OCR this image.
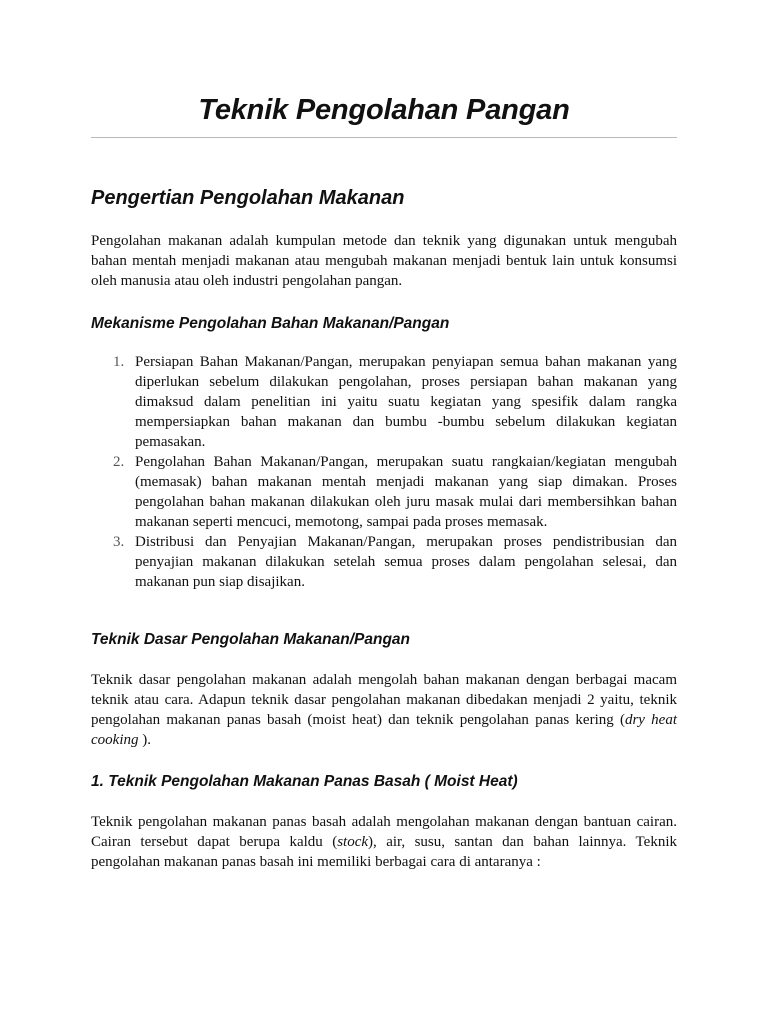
Teknik Pengolahan Pangan
Pengertian Pengolahan Makanan

Pengolahan makanan adalah kumpulan metode dan teknik yang digunakan untuk mengubah bahan mentah menjadi makanan atau mengubah makanan menjadi bentuk lain untuk konsumsi oleh manusia atau oleh industri pengolahan pangan.

Mekanisme Pengolahan Bahan Makanan/Pangan
1. Persiapan Bahan Makanan/Pangan, merupakan penyiapan semua bahan makanan yang diperlukan sebelum dilakukan pengolahan, proses persiapan bahan makanan yang dimaksud dalam penelitian ini yaitu suatu kegiatan yang spesifik dalam rangka mempersiapkan bahan makanan dan bumbu -bumbu sebelum dilakukan kegiatan pemasakan.
2. Pengolahan Bahan Makanan/Pangan, merupakan suatu rangkaian/kegiatan mengubah (memasak) bahan makanan mentah menjadi makanan yang siap dimakan. Proses pengolahan bahan makanan dilakukan oleh juru masak mulai dari membersihkan bahan makanan seperti mencuci, memotong, sampai pada proses memasak.
3. Distribusi dan Penyajian Makanan/Pangan, merupakan proses pendistribusian dan penyajian makanan dilakukan setelah semua proses dalam pengolahan selesai, dan makanan pun siap disajikan.
Teknik Dasar Pengolahan Makanan/Pangan

Teknik dasar pengolahan makanan adalah mengolah bahan makanan dengan berbagai macam teknik atau cara. Adapun teknik dasar pengolahan makanan dibedakan menjadi 2 yaitu, teknik pengolahan makanan panas basah (moist heat) dan teknik pengolahan panas kering (dry heat cooking ).

1. Teknik Pengolahan Makanan Panas Basah ( Moist Heat)

Teknik pengolahan makanan panas basah adalah mengolahan makanan dengan bantuan cairan. Cairan tersebut dapat berupa kaldu (stock), air, susu, santan dan bahan lainnya. Teknik pengolahan makanan panas basah ini memiliki berbagai cara di antaranya :
